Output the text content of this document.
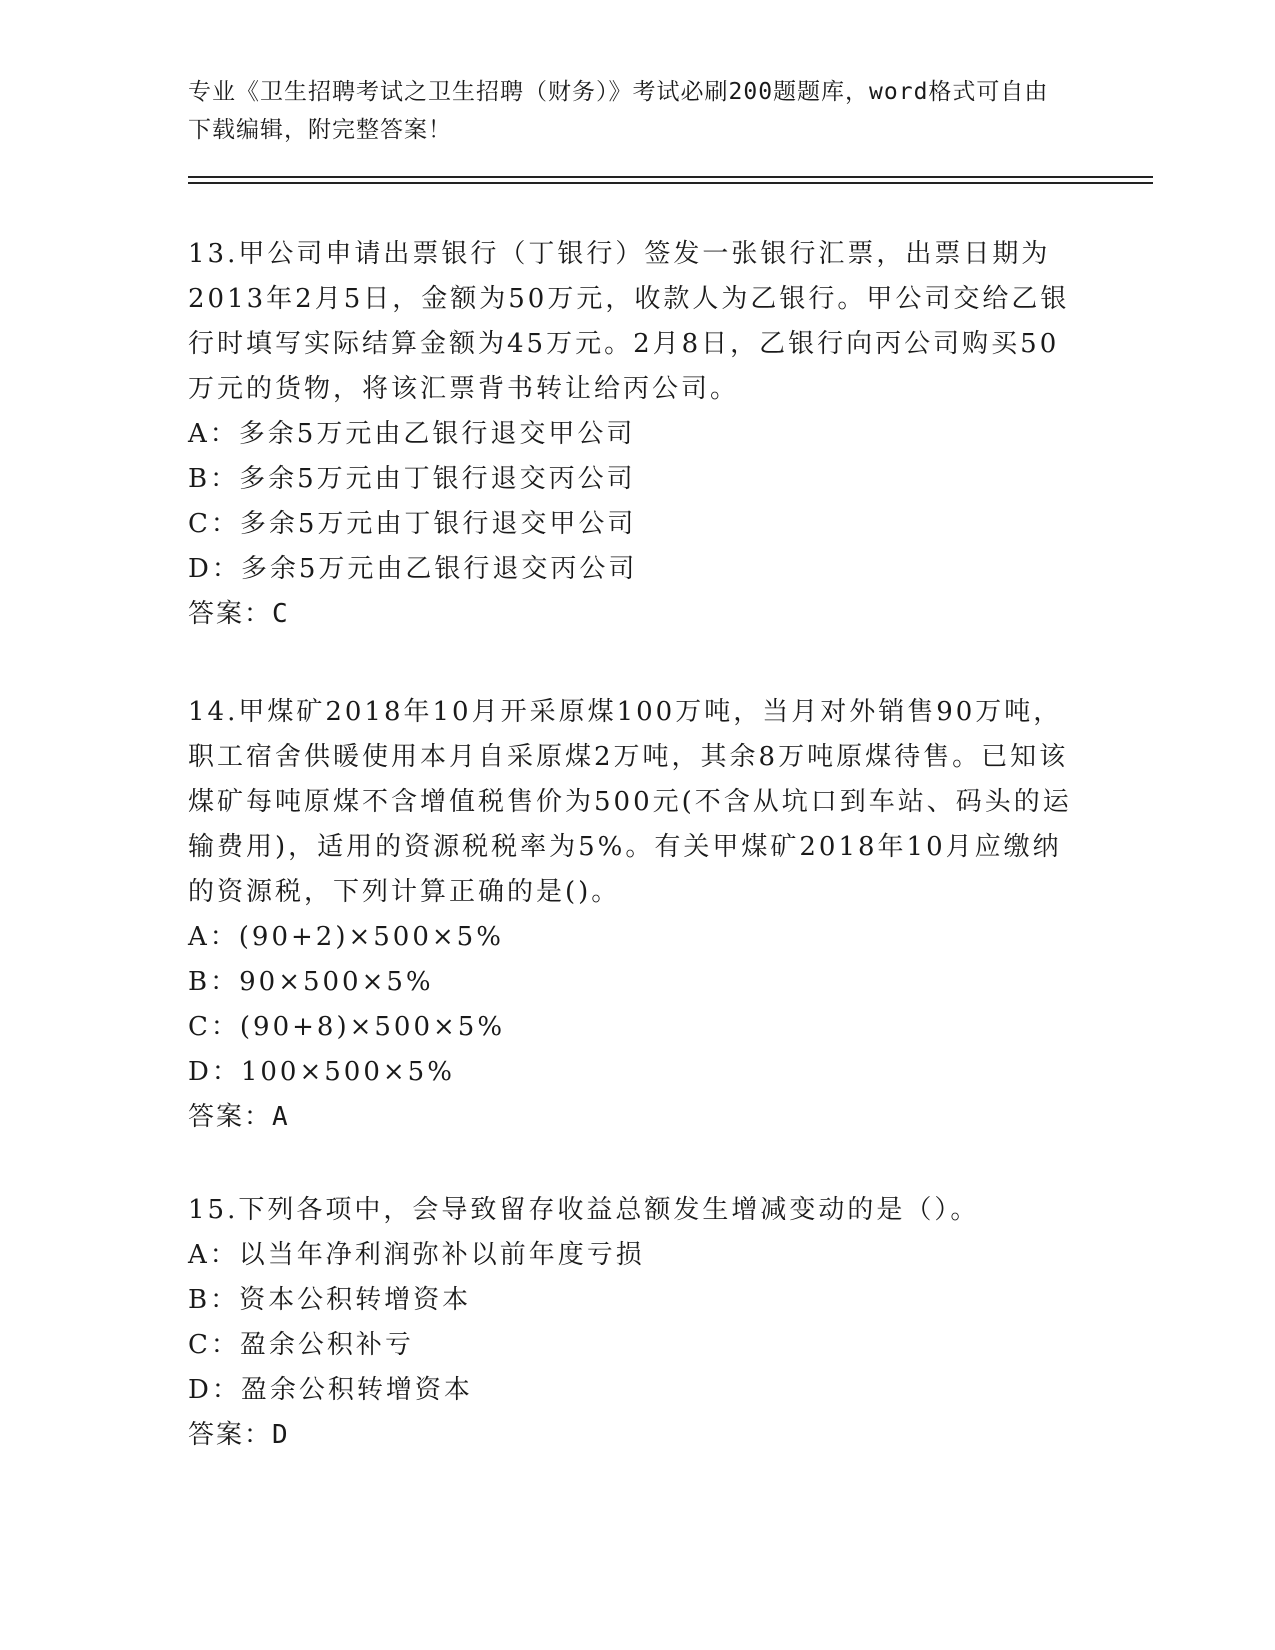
专业《卫生招聘考试之卫生招聘（财务）》考试必刷200题题库，word格式可自由下载编辑，附完整答案！

13.甲公司申请出票银行（丁银行）签发一张银行汇票，出票日期为2013年2月5日，金额为50万元，收款人为乙银行。甲公司交给乙银行时填写实际结算金额为45万元。2月8日，乙银行向丙公司购买50万元的货物，将该汇票背书转让给丙公司。

A：多余5万元由乙银行退交甲公司

B：多余5万元由丁银行退交丙公司

C：多余5万元由丁银行退交甲公司

D：多余5万元由乙银行退交丙公司

答案：C

14.甲煤矿2018年10月开采原煤100万吨，当月对外销售90万吨，职工宿舍供暖使用本月自采原煤2万吨，其余8万吨原煤待售。已知该煤矿每吨原煤不含增值税售价为500元(不含从坑口到车站、码头的运输费用)，适用的资源税税率为5%。有关甲煤矿2018年10月应缴纳的资源税，下列计算正确的是()。

A：(90+2)×500×5%

B：90×500×5%

C：(90+8)×500×5%

D：100×500×5%

答案：A

15.下列各项中，会导致留存收益总额发生增减变动的是（）。

A：以当年净利润弥补以前年度亏损

B：资本公积转增资本

C：盈余公积补亏

D：盈余公积转增资本

答案：D
